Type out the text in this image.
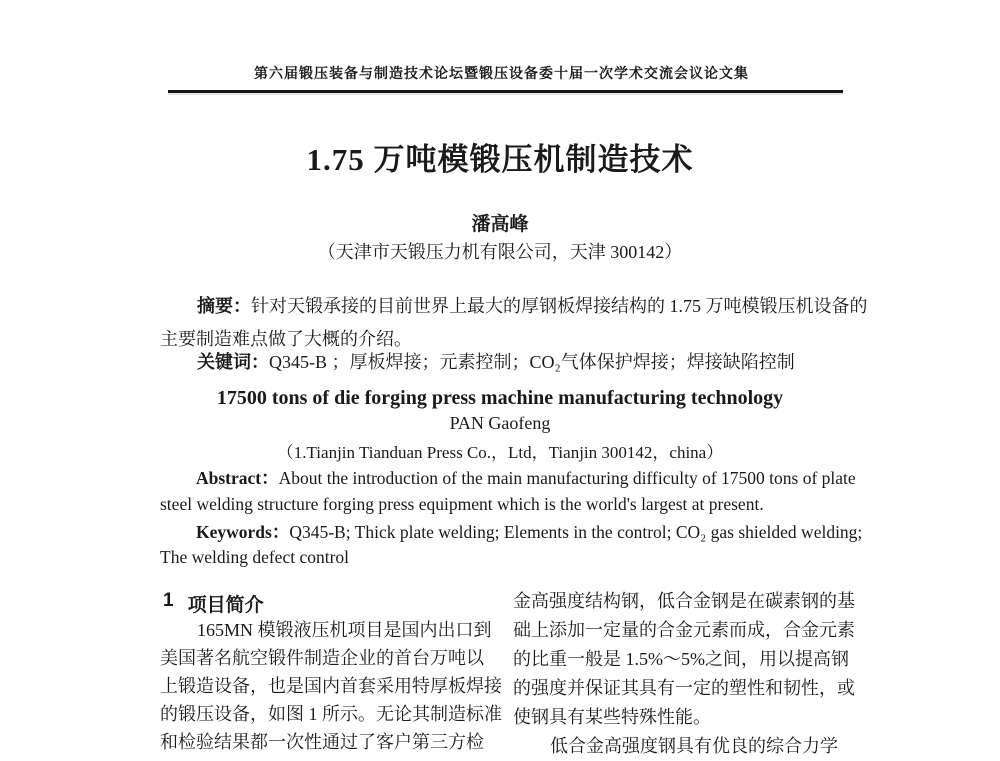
第六届锻压装备与制造技术论坛暨锻压设备委十届一次学术交流会议论文集
1.75 万吨模锻压机制造技术
潘高峰
（天津市天锻压力机有限公司，天津 300142）
摘要：针对天锻承接的目前世界上最大的厚钢板焊接结构的 1.75 万吨模锻压机设备的
主要制造难点做了大概的介绍。
关键词：Q345-B ；厚板焊接；元素控制；CO₂气体保护焊接；焊接缺陷控制
17500 tons of die forging press machine manufacturing technology
PAN Gaofeng
（1.Tianjin Tianduan Press Co.，Ltd，Tianjin 300142，china）
Abstract：About the introduction of the main manufacturing difficulty of 17500 tons of plate
steel welding structure forging press equipment which is the world's largest at present.
Keywords：Q345-B; Thick plate welding; Elements in the control; CO₂ gas shielded welding;
The welding defect control
1 项目简介
165MN 模锻液压机项目是国内出口到
美国著名航空锻件制造企业的首台万吨以
上锻造设备，也是国内首套采用特厚板焊接
的锻压设备，如图 1 所示。无论其制造标准
和检验结果都一次性通过了客户第三方检
金高强度结构钢，低合金钢是在碳素钢的基
础上添加一定量的合金元素而成，合金元素
的比重一般是 1.5%～5%之间，用以提高钢
的强度并保证其具有一定的塑性和韧性，或
使钢具有某些特殊性能。
低合金高强度钢具有优良的综合力学
